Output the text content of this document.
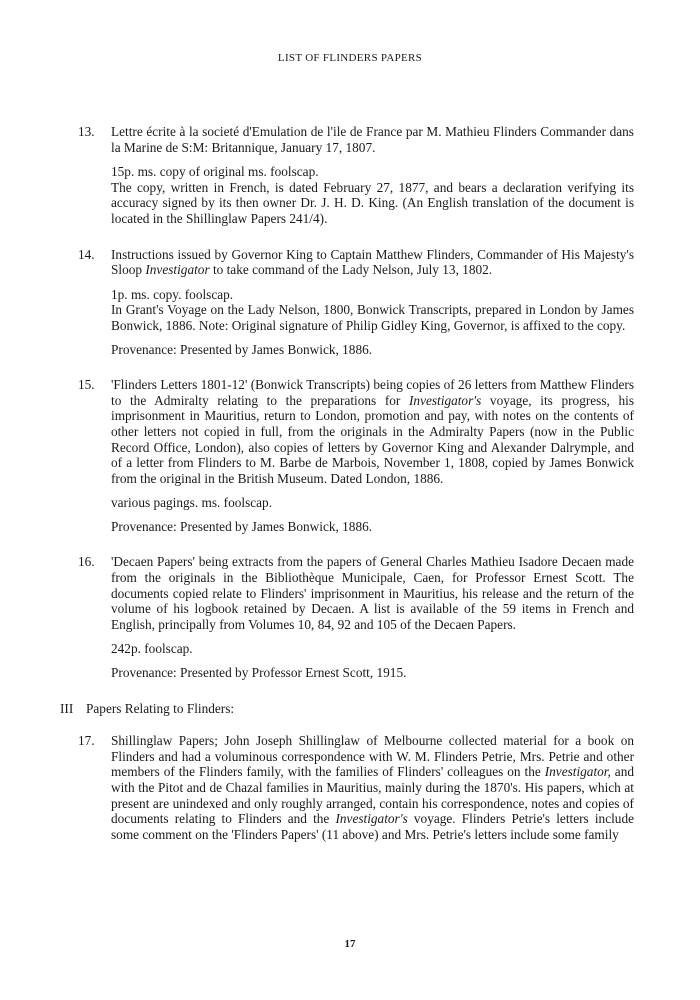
LIST OF FLINDERS PAPERS
13.	Lettre écrite à la societé d'Emulation de l'ile de France par M. Mathieu Flinders Commander dans la Marine de S:M: Britannique, January 17, 1807.

15p. ms. copy of original ms. foolscap.

The copy, written in French, is dated February 27, 1877, and bears a declaration verifying its accuracy signed by its then owner Dr. J. H. D. King. (An English translation of the document is located in the Shillinglaw Papers 241/4).

14.	Instructions issued by Governor King to Captain Matthew Flinders, Commander of His Majesty's Sloop Investigator to take command of the Lady Nelson, July 13, 1802.

1p. ms. copy. foolscap.

In Grant's Voyage on the Lady Nelson, 1800, Bonwick Transcripts, prepared in London by James Bonwick, 1886. Note: Original signature of Philip Gidley King, Governor, is affixed to the copy.

Provenance: Presented by James Bonwick, 1886.

15.	'Flinders Letters 1801-12' (Bonwick Transcripts) being copies of 26 letters from Matthew Flinders to the Admiralty relating to the preparations for Investigator's voyage, its progress, his imprisonment in Mauritius, return to London, promotion and pay, with notes on the contents of other letters not copied in full, from the originals in the Admiralty Papers (now in the Public Record Office, London), also copies of letters by Governor King and Alexander Dalrymple, and of a letter from Flinders to M. Barbe de Marbois, November 1, 1808, copied by James Bonwick from the original in the British Museum. Dated London, 1886.

various pagings. ms. foolscap.

Provenance: Presented by James Bonwick, 1886.

16.	'Decaen Papers' being extracts from the papers of General Charles Mathieu Isadore Decaen made from the originals in the Bibliothèque Municipale, Caen, for Professor Ernest Scott. The documents copied relate to Flinders' imprisonment in Mauritius, his release and the return of the volume of his logbook retained by Decaen. A list is available of the 59 items in French and English, principally from Volumes 10, 84, 92 and 105 of the Decaen Papers.

242p. foolscap.

Provenance: Presented by Professor Ernest Scott, 1915.

III Papers Relating to Flinders:
17.	Shillinglaw Papers; John Joseph Shillinglaw of Melbourne collected material for a book on Flinders and had a voluminous correspondence with W. M. Flinders Petrie, Mrs. Petrie and other members of the Flinders family, with the families of Flinders' colleagues on the Investigator, and with the Pitot and de Chazal families in Mauritius, mainly during the 1870's. His papers, which at present are unindexed and only roughly arranged, contain his correspondence, notes and copies of documents relating to Flinders and the Investigator's voyage. Flinders Petrie's letters include some comment on the 'Flinders Papers' (11 above) and Mrs. Petrie's letters include some family

17
